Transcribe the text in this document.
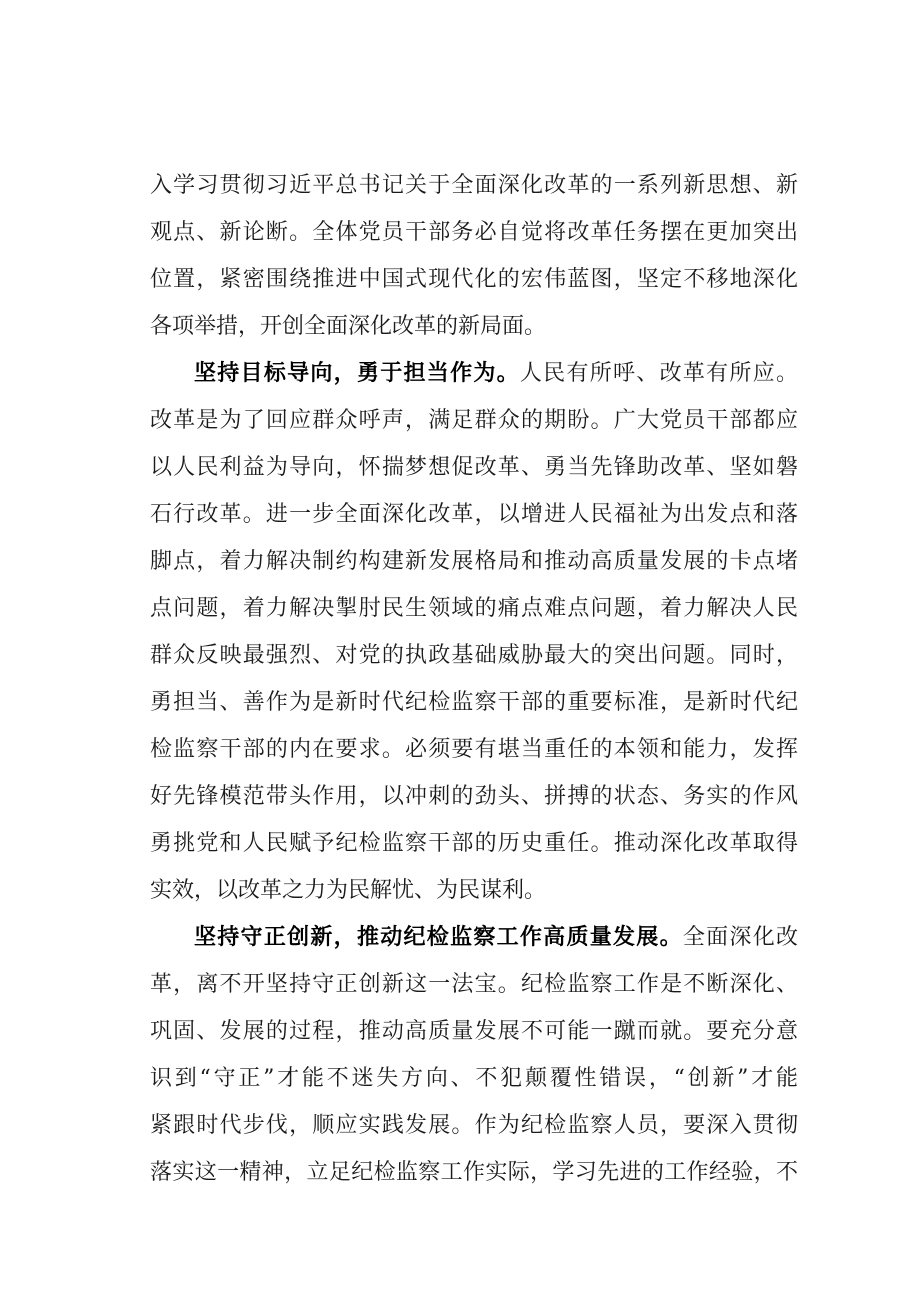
入学习贯彻习近平总书记关于全面深化改革的一系列新思想、新
观点、新论断。全体党员干部务必自觉将改革任务摆在更加突出
位置，紧密围绕推进中国式现代化的宏伟蓝图，坚定不移地深化
各项举措，开创全面深化改革的新局面。
坚持目标导向，勇于担当作为。人民有所呼、改革有所应。
改革是为了回应群众呼声，满足群众的期盼。广大党员干部都应
以人民利益为导向，怀揣梦想促改革、勇当先锋助改革、坚如磐
石行改革。进一步全面深化改革，以增进人民福祉为出发点和落
脚点，着力解决制约构建新发展格局和推动高质量发展的卡点堵
点问题，着力解决掣肘民生领域的痛点难点问题，着力解决人民
群众反映最强烈、对党的执政基础威胁最大的突出问题。同时，
勇担当、善作为是新时代纪检监察干部的重要标准，是新时代纪
检监察干部的内在要求。必须要有堪当重任的本领和能力，发挥
好先锋模范带头作用，以冲刺的劲头、拼搏的状态、务实的作风
勇挑党和人民赋予纪检监察干部的历史重任。推动深化改革取得
实效，以改革之力为民解忧、为民谋利。
坚持守正创新，推动纪检监察工作高质量发展。全面深化改
革，离不开坚持守正创新这一法宝。纪检监察工作是不断深化、
巩固、发展的过程，推动高质量发展不可能一蹴而就。要充分意
识到“守正”才能不迷失方向、不犯颠覆性错误，“创新”才能
紧跟时代步伐，顺应实践发展。作为纪检监察人员，要深入贯彻
落实这一精神，立足纪检监察工作实际，学习先进的工作经验，不
